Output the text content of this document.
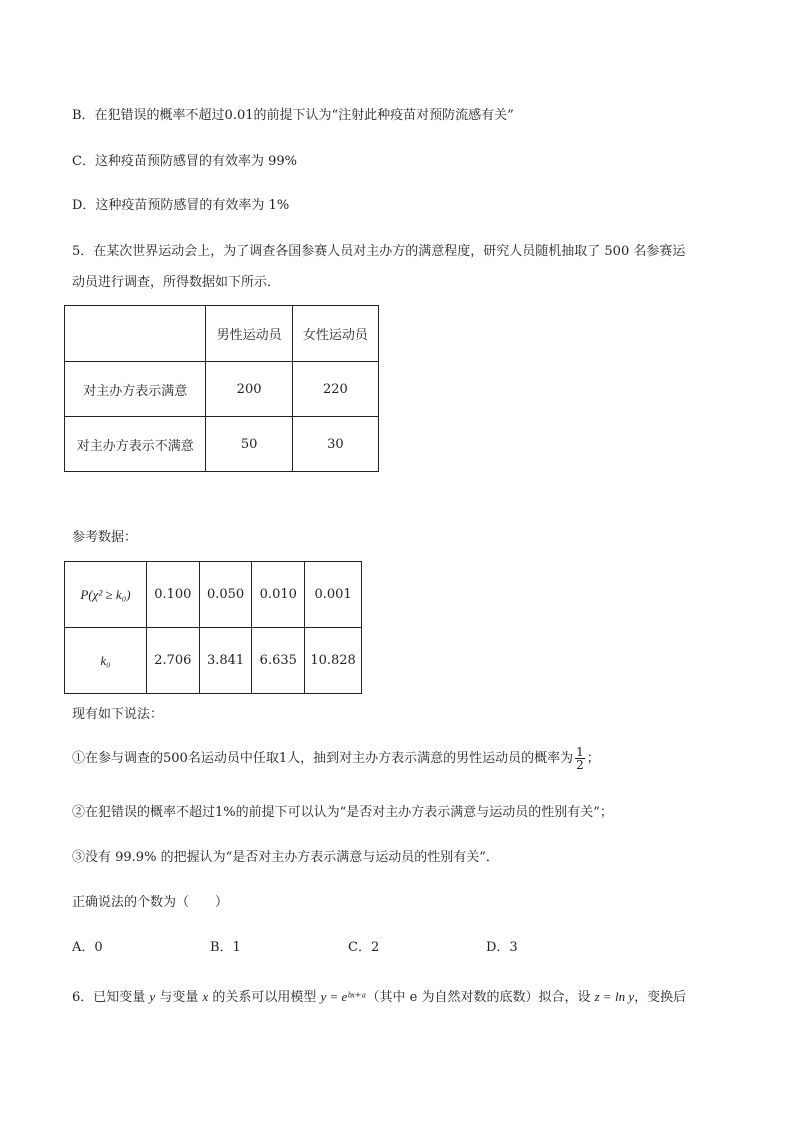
B．在犯错误的概率不超过0.01的前提下认为“注射此种疫苗对预防流感有关”
C．这种疫苗预防感冒的有效率为 99%
D．这种疫苗预防感冒的有效率为 1%
5．在某次世界运动会上，为了调查各国参赛人员对主办方的满意程度，研究人员随机抽取了 500 名参赛运
动员进行调查，所得数据如下所示．
	男性运动员	女性运动员
对主办方表示满意	200	220
对主办方表示不满意	50	30
参考数据：
P(χ² ≥ k₀)	0.100	0.050	0.010	0.001
k₀	2.706	3.841	6.635	10.828
现有如下说法：
①在参与调查的500名运动员中任取1人，抽到对主办方表示满意的男性运动员的概率为 $\frac{1}{2}$ ；
②在犯错误的概率不超过1%的前提下可以认为“是否对主办方表示满意与运动员的性别有关”；
③没有 99.9% 的把握认为“是否对主办方表示满意与运动员的性别有关”．
正确说法的个数为（　　）
A．0	B．1	C．2	D．3
6．已知变量 y 与变量 x 的关系可以用模型 y = eᵇˣ⁺ᵃ（其中 e 为自然对数的底数）拟合，设 z = ln y，变换后
